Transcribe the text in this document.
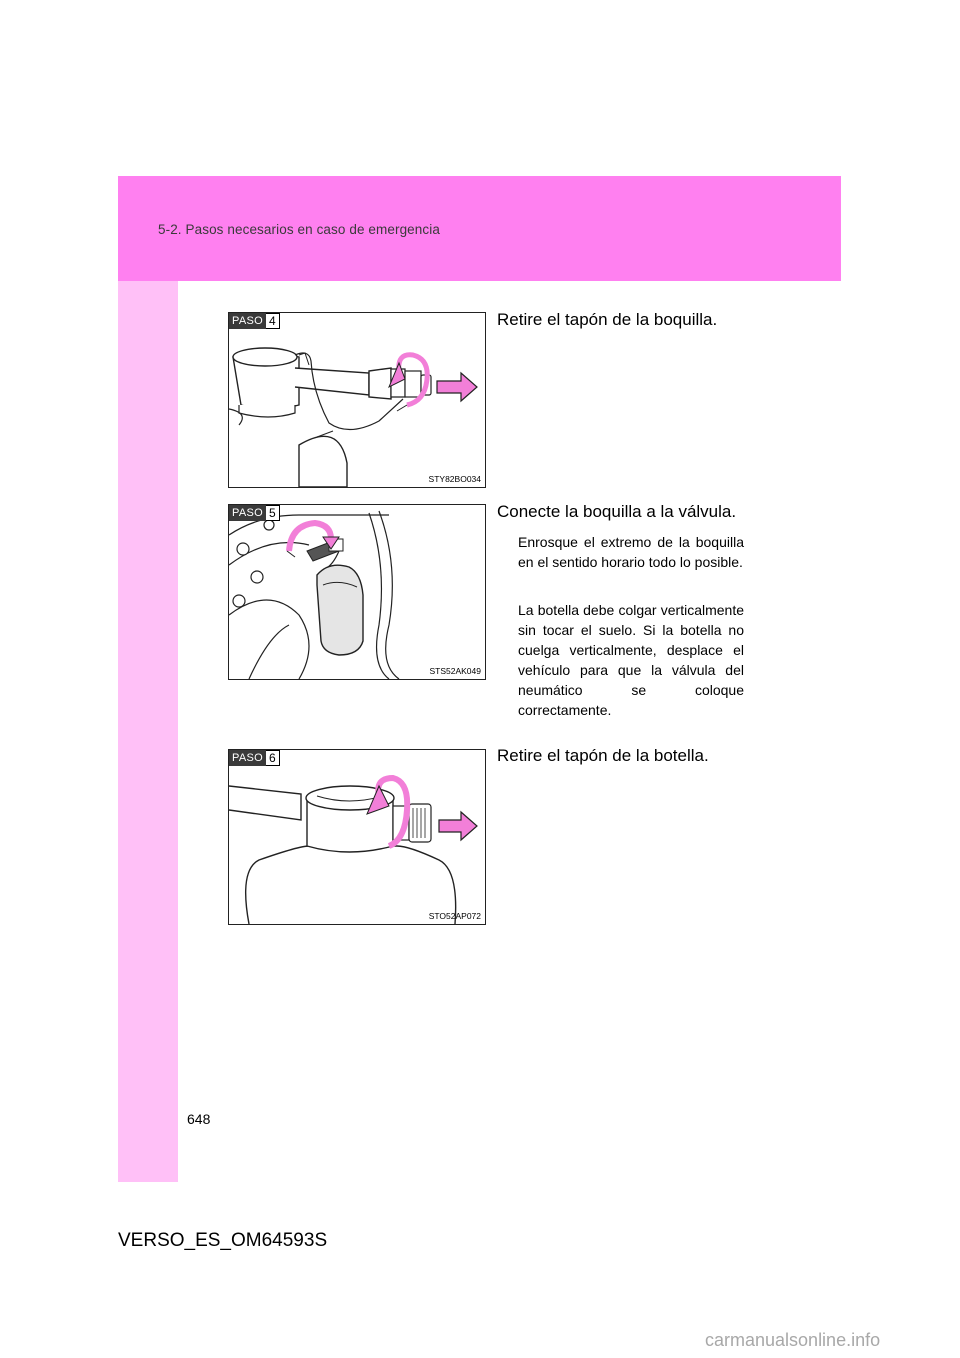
5-2. Pasos necesarios en caso de emergencia
PASO 4
STY82BO034
Retire el tapón de la boquilla.
PASO 5
STS52AK049
Conecte la boquilla a la válvula.

Enrosque el extremo de la boquilla en el sentido horario todo lo posible.

La botella debe colgar verticalmente sin tocar el suelo. Si la botella no cuelga verticalmente, desplace el vehículo para que la válvula del neumático se coloque correctamente.

PASO 6
STO52AP072
Retire el tapón de la botella.
648
VERSO_ES_OM64593S
carmanualsonline.info
